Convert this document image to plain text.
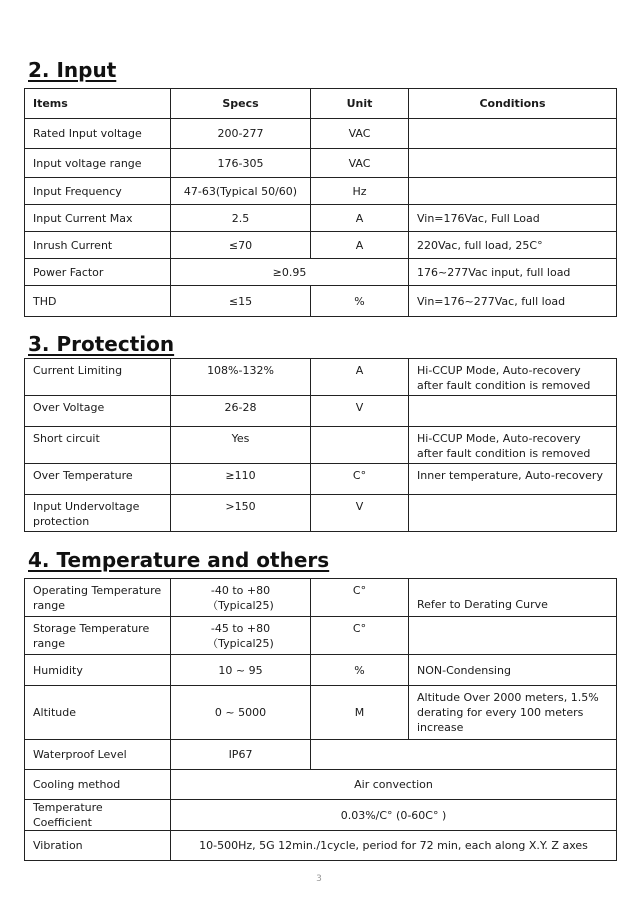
2. Input
Items	Specs	Unit	Conditions
Rated Input voltage	200-277	VAC	
Input voltage range	176-305	VAC	
Input Frequency	47-63(Typical 50/60)	Hz	
Input Current Max	2.5	A	Vin=176Vac, Full Load
Inrush Current	≤70	A	220Vac, full load, 25C°
Power Factor	≥0.95		176~277Vac input, full load
THD	≤15	%	Vin=176~277Vac, full load
3. Protection
Current Limiting	108%-132%	A	Hi-CCUP Mode, Auto-recovery after fault condition is removed
Over Voltage	26-28	V	
Short circuit	Yes		Hi-CCUP Mode, Auto-recovery after fault condition is removed
Over Temperature	≥110	C°	Inner temperature, Auto-recovery
Input Undervoltage protection	>150	V	
4. Temperature and others
Operating Temperature range	-40 to +80（Typical25)	C°	Refer to Derating Curve
Storage Temperature range	-45 to +80（Typical25)	C°	
Humidity	10 ~ 95	%	NON-Condensing
Altitude	0 ~ 5000	M	Altitude Over 2000 meters, 1.5% derating for every 100 meters increase
Waterproof Level	IP67		
Cooling method	Air convection		
Temperature Coefficient	0.03%/C° (0-60C° )		
Vibration	10-500Hz, 5G 12min./1cycle, period for 72 min, each along X.Y. Z axes		
3
